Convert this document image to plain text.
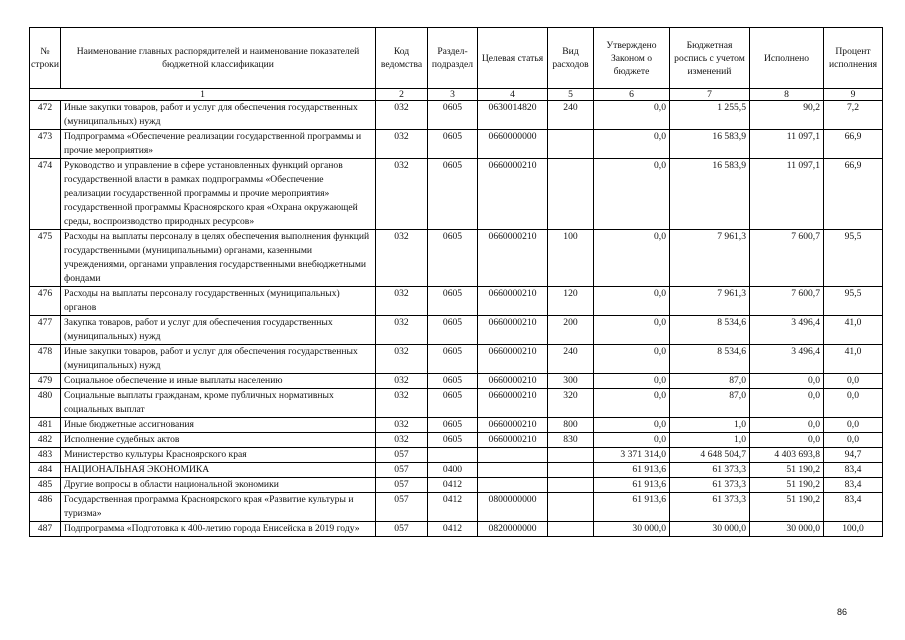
№ строки	Наименование главных распорядителей и наименование показателей бюджетной классификации	Код ведомства	Раздел-подраздел	Целевая статья	Вид расходов	Утверждено Законом о бюджете	Бюджетная роспись с учетом изменений	Исполнено	Процент исполнения
1		2	3	4	5	6	7	8	9
472	Иные закупки товаров, работ и услуг для обеспечения государственных (муниципальных) нужд	032	0605	0630014820	240	0,0	1 255,5	90,2	7,2
473	Подпрограмма «Обеспечение реализации государственной программы и прочие мероприятия»	032	0605	0660000000		0,0	16 583,9	11 097,1	66,9
474	Руководство и управление в сфере установленных функций органов государственной власти в рамках подпрограммы «Обеспечение реализации государственной программы и прочие мероприятия» государственной программы Красноярского края «Охрана окружающей среды, воспроизводство природных ресурсов»	032	0605	0660000210		0,0	16 583,9	11 097,1	66,9
475	Расходы на выплаты персоналу в целях обеспечения выполнения функций государственными (муниципальными) органами, казенными учреждениями, органами управления государственными внебюджетными фондами	032	0605	0660000210	100	0,0	7 961,3	7 600,7	95,5
476	Расходы на выплаты персоналу государственных (муниципальных) органов	032	0605	0660000210	120	0,0	7 961,3	7 600,7	95,5
477	Закупка товаров, работ и услуг для обеспечения государственных (муниципальных) нужд	032	0605	0660000210	200	0,0	8 534,6	3 496,4	41,0
478	Иные закупки товаров, работ и услуг для обеспечения государственных (муниципальных) нужд	032	0605	0660000210	240	0,0	8 534,6	3 496,4	41,0
479	Социальное обеспечение и иные выплаты населению	032	0605	0660000210	300	0,0	87,0	0,0	0,0
480	Социальные выплаты гражданам, кроме публичных нормативных социальных выплат	032	0605	0660000210	320	0,0	87,0	0,0	0,0
481	Иные бюджетные ассигнования	032	0605	0660000210	800	0,0	1,0	0,0	0,0
482	Исполнение судебных актов	032	0605	0660000210	830	0,0	1,0	0,0	0,0
483	Министерство культуры Красноярского края	057				3 371 314,0	4 648 504,7	4 403 693,8	94,7
484	НАЦИОНАЛЬНАЯ ЭКОНОМИКА	057	0400			61 913,6	61 373,3	51 190,2	83,4
485	Другие вопросы в области национальной экономики	057	0412			61 913,6	61 373,3	51 190,2	83,4
486	Государственная программа Красноярского края «Развитие культуры и туризма»	057	0412	0800000000		61 913,6	61 373,3	51 190,2	83,4
487	Подпрограмма «Подготовка к 400-летию города Енисейска в 2019 году»	057	0412	0820000000		30 000,0	30 000,0	30 000,0	100,0
86
